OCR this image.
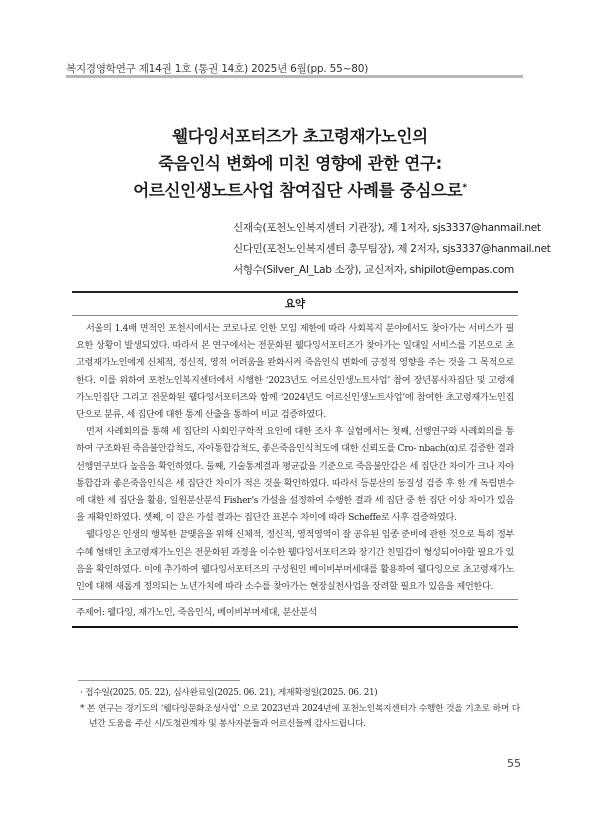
복지경영학연구 제14권 1호 (통권 14호) 2025년 6월(pp. 55~80)
웰다잉서포터즈가 초고령재가노인의
죽음인식 변화에 미친 영향에 관한 연구:
어르신인생노트사업 참여집단 사례를 중심으로*
신재숙(포천노인복지센터 기관장), 제 1저자, sjs3337@hanmail.net
신다민(포천노인복지센터 총무팀장), 제 2저자, sjs3337@hanmail.net
서형수(Silver_AI_Lab 소장), 교신저자, shipilot@empas.com
요약

서울의 1.4배 면적인 포천시에서는 코로나로 인한 모임 제한에 따라 사회복지 분야에서도 찾아가는 서비스가 필요한 상황이 발생되었다. 따라서 본 연구에서는 전문화된 웰다잉서포터즈가 찾아가는 일대일 서비스를 기본으로 초고령재가노인에게 신체적, 정신적, 영적 어려움을 완화시켜 죽음인식 변화에 긍정적 영향을 주는 것을 그 목적으로 한다. 이를 위하여 포천노인복지센터에서 시행한 ‘2023년도 어르신인생노트사업’ 참여 장년봉사자집단 및 고령재가노인집단 그리고 전문화된 웰다잉서포터즈와 함께 ‘2024년도 어르신인생노트사업’에 참여한 초고령재가노인집단으로 분류, 세 집단에 대한 통계 산출을 통하여 비교 검증하였다.

먼저 사례회의를 통해 세 집단의 사회인구학적 요인에 대한 조사 후 실험에서는 첫째, 선행연구와 사례회의를 통하여 구조화된 죽음불안감척도, 자아통합감척도, 좋은죽음인식척도에 대한 신뢰도를 Cro- nbach(α)로 검증한 결과 선행연구보다 높음을 확인하였다. 둘째, 기술통계결과 평균값을 기준으로 죽음불안감은 세 집단간 차이가 크나 자아통합감과 좋은죽음인식은 세 집단간 차이가 적은 것을 확인하였다. 따라서 등분산의 동질성 검증 후 한 개 독립변수에 대한 세 집단을 활용, 일원분산분석 Fisher’s 가설을 설정하여 수행한 결과 세 집단 중 한 집단 이상 차이가 있음을 재확인하였다. 셋째, 이 같은 가설 결과는 집단간 표본수 차이에 따라 Scheffe로 사후 검증하였다.

웰다잉은 인생의 행복한 끝맺음을 위해 신체적, 정신적, 영적영역이 잘 공유된 임종 준비에 관한 것으로 특히 정부수혜 형태인 초고령재가노인은 전문화된 과정을 이수한 웰다잉서포터즈와 장기간 친밀감이 형성되어야할 필요가 있음을 확인하였다. 이에 추가하여 웰다잉서포터즈의 구성원인 베이비부머세대를 활용하여 웰다잉으로 초고령재가노인에 대해 새롭게 정의되는 노년가치에 따라 소수를 찾아가는 현장실천사업을 장려할 필요가 있음을 제언한다.

주제어: 웰다잉, 재가노인, 죽음인식, 베이비부머세대, 분산분석
· 접수일(2025. 05. 22), 심사완료일(2025. 06. 21), 게재확정일(2025. 06. 21)
* 본 연구는 경기도의 ‘웰다잉문화조성사업’ 으로 2023년과 2024년에 포천노인복지센터가 수행한 것을 기초로 하며 다년간 도움을 주신 시/도청관계자 및 봉사자분들과 어르신들께 감사드립니다.
55
